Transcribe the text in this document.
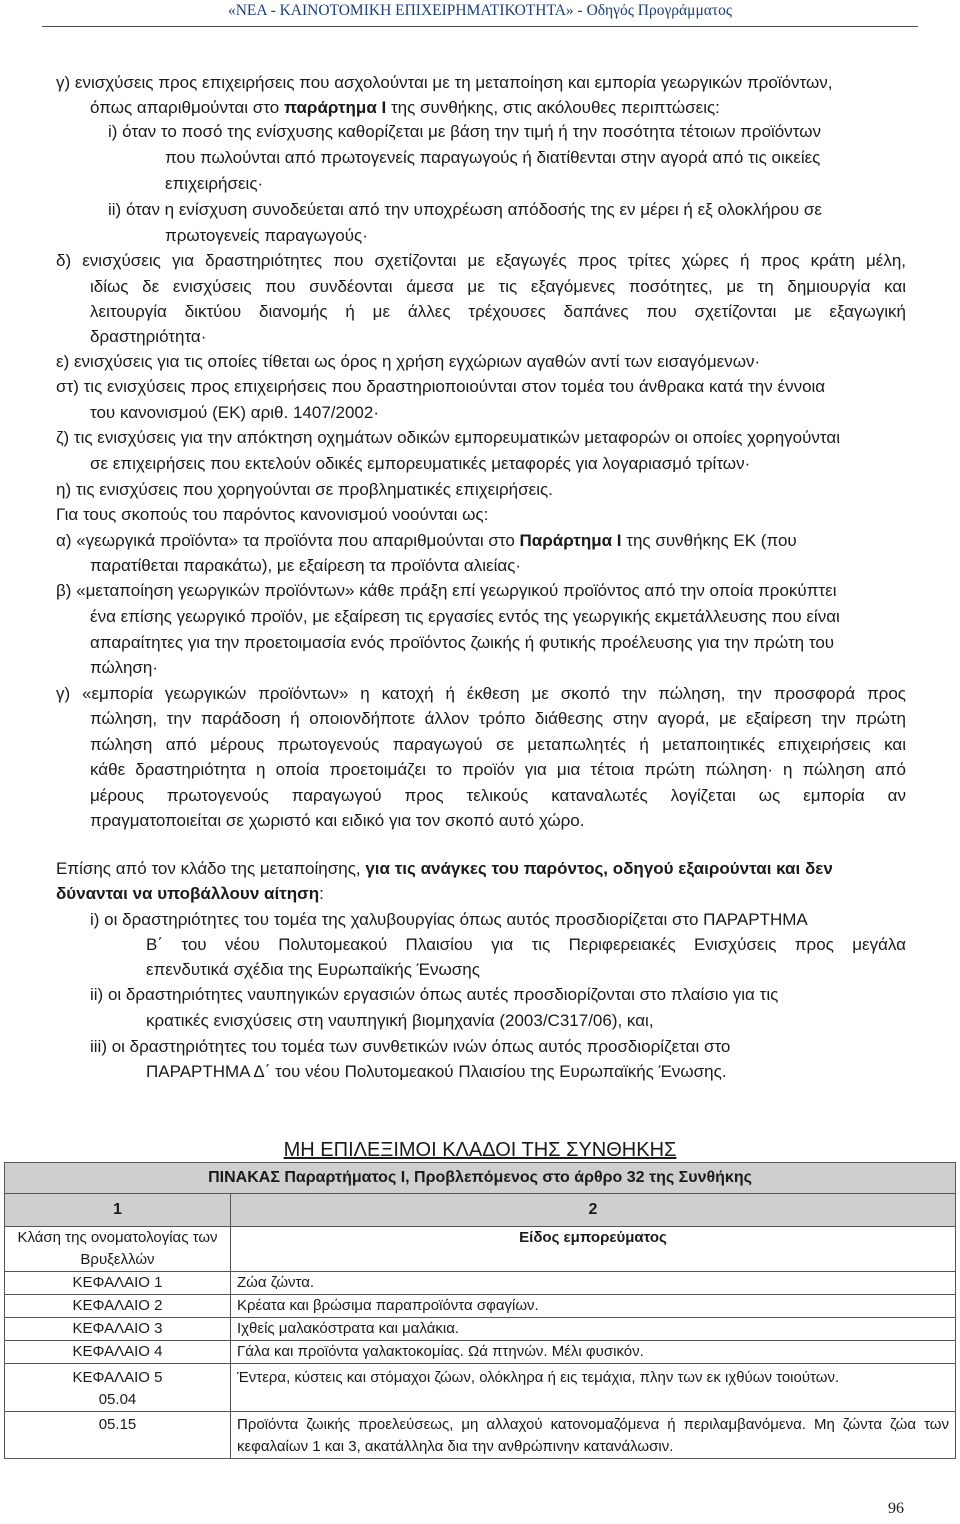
«ΝΕΑ - ΚΑΙΝΟΤΟΜΙΚΗ ΕΠΙΧΕΙΡΗΜΑΤΙΚΟΤΗΤΑ» - Οδηγός Προγράμματος
γ) ενισχύσεις προς επιχειρήσεις που ασχολούνται με τη μεταποίηση και εμπορία γεωργικών προϊόντων,
όπως απαριθμούνται στο παράρτημα I της συνθήκης, στις ακόλουθες περιπτώσεις:
i) όταν το ποσό της ενίσχυσης καθορίζεται με βάση την τιμή ή την ποσότητα τέτοιων προϊόντων
που πωλούνται από πρωτογενείς παραγωγούς ή διατίθενται στην αγορά από τις οικείες
επιχειρήσεις·
ii) όταν η ενίσχυση συνοδεύεται από την υποχρέωση απόδοσής της εν μέρει ή εξ ολοκλήρου σε
πρωτογενείς παραγωγούς·
δ) ενισχύσεις για δραστηριότητες που σχετίζονται με εξαγωγές προς τρίτες χώρες ή προς κράτη μέλη,
ιδίως δε ενισχύσεις που συνδέονται άμεσα με τις εξαγόμενες ποσότητες, με τη δημιουργία και
λειτουργία δικτύου διανομής ή με άλλες τρέχουσες δαπάνες που σχετίζονται με εξαγωγική
δραστηριότητα·
ε) ενισχύσεις για τις οποίες τίθεται ως όρος η χρήση εγχώριων αγαθών αντί των εισαγόμενων·
στ) τις ενισχύσεις προς επιχειρήσεις που δραστηριοποιούνται στον τομέα του άνθρακα κατά την έννοια
του κανονισμού (ΕΚ) αριθ. 1407/2002·
ζ) τις ενισχύσεις για την απόκτηση οχημάτων οδικών εμπορευματικών μεταφορών οι οποίες χορηγούνται
σε επιχειρήσεις που εκτελούν οδικές εμπορευματικές μεταφορές για λογαριασμό τρίτων·
η) τις ενισχύσεις που χορηγούνται σε προβληματικές επιχειρήσεις.
Για τους σκοπούς του παρόντος κανονισμού νοούνται ως:
α) «γεωργικά προϊόντα» τα προϊόντα που απαριθμούνται στο Παράρτημα I της συνθήκης ΕΚ (που
παρατίθεται παρακάτω), με εξαίρεση τα προϊόντα αλιείας·
β) «μεταποίηση γεωργικών προϊόντων» κάθε πράξη επί γεωργικού προϊόντος από την οποία προκύπτει
ένα επίσης γεωργικό προϊόν, με εξαίρεση τις εργασίες εντός της γεωργικής εκμετάλλευσης που είναι
απαραίτητες για την προετοιμασία ενός προϊόντος ζωικής ή φυτικής προέλευσης για την πρώτη του
πώληση·
γ) «εμπορία γεωργικών προϊόντων» η κατοχή ή έκθεση με σκοπό την πώληση, την προσφορά προς
πώληση, την παράδοση ή οποιονδήποτε άλλον τρόπο διάθεσης στην αγορά, με εξαίρεση την πρώτη
πώληση από μέρους πρωτογενούς παραγωγού σε μεταπωλητές ή μεταποιητικές επιχειρήσεις και
κάθε δραστηριότητα η οποία προετοιμάζει το προϊόν για μια τέτοια πρώτη πώληση· η πώληση από
μέρους πρωτογενούς παραγωγού προς τελικούς καταναλωτές λογίζεται ως εμπορία αν
πραγματοποιείται σε χωριστό και ειδικό για τον σκοπό αυτό χώρο.
Επίσης από τον κλάδο της μεταποίησης, για τις ανάγκες του παρόντος, οδηγού εξαιρούνται και δεν
δύνανται να υποβάλλουν αίτηση:
i) οι δραστηριότητες του τομέα της χαλυβουργίας όπως αυτός προσδιορίζεται στο ΠΑΡΑΡΤΗΜΑ
Β΄ του νέου Πολυτομεακού Πλαισίου για τις Περιφερειακές Ενισχύσεις προς μεγάλα
επενδυτικά σχέδια της Ευρωπαϊκής Ένωσης
ii) οι δραστηριότητες ναυπηγικών εργασιών όπως αυτές προσδιορίζονται στο πλαίσιο για τις
κρατικές ενισχύσεις στη ναυπηγική βιομηχανία (2003/C317/06), και,
iii) οι δραστηριότητες του τομέα των συνθετικών ινών όπως αυτός προσδιορίζεται στο
ΠΑΡΑΡΤΗΜΑ Δ΄ του νέου Πολυτομεακού Πλαισίου της Ευρωπαϊκής Ένωσης.
ΜΗ ΕΠΙΛΕΞΙΜΟΙ ΚΛΑΔΟΙ ΤΗΣ ΣΥΝΘΗΚΗΣ
ΠΙΝΑΚΑΣ Παραρτήματος Ι, Προβλεπόμενος στο άρθρο 32 της Συνθήκης	
1	2
Κλάση της ονοματολογίας των Βρυξελλών	Είδος εμπορεύματος
ΚΕΦΑΛΑΙΟ 1	Ζώα ζώντα.
ΚΕΦΑΛΑΙΟ 2	Κρέατα και βρώσιμα παραπροϊόντα σφαγίων.
ΚΕΦΑΛΑΙΟ 3	Ιχθείς μαλακόστρατα και μαλάκια.
ΚΕΦΑΛΑΙΟ 4	Γάλα και προϊόντα γαλακτοκομίας. Ωά πτηνών. Μέλι φυσικόν.

ΚΕΦΑΛΑΙΟ 5
05.04	Έντερα, κύστεις και στόμαχοι ζώων, ολόκληρα ή εις τεμάχια, πλην των εκ ιχθύων τοιούτων.
05.15	Προϊόντα ζωικής προελεύσεως, μη αλλαχού κατονομαζόμενα ή περιλαμβανόμενα. Μη ζώντα ζώα των κεφαλαίων 1 και 3, ακατάλληλα δια την ανθρώπινην κατανάλωσιν.
96
